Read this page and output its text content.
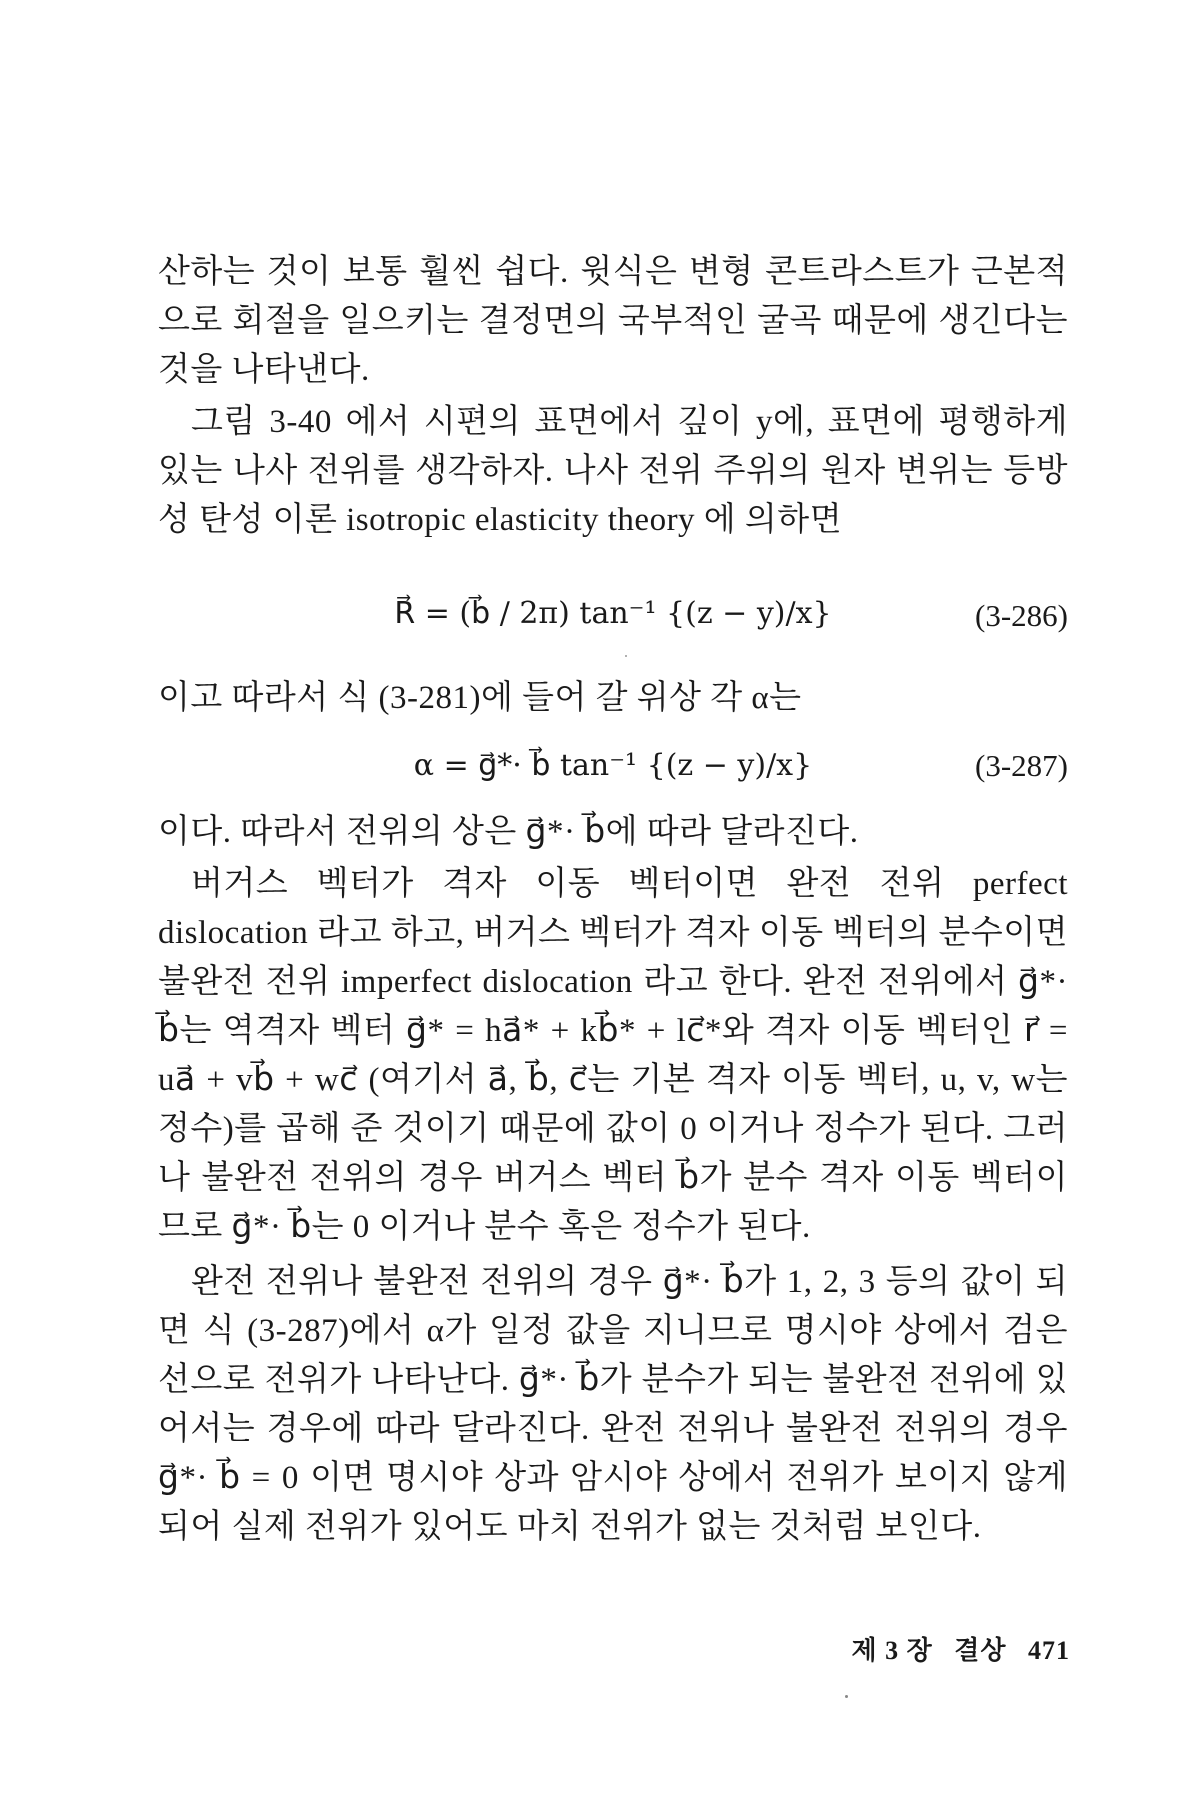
산하는 것이 보통 훨씬 쉽다. 윗식은 변형 콘트라스트가 근본적으로 회절을 일으키는 결정면의 국부적인 굴곡 때문에 생긴다는 것을 나타낸다.

그림 3-40 에서 시편의 표면에서 깊이 y에, 표면에 평행하게 있는 나사 전위를 생각하자. 나사 전위 주위의 원자 변위는 등방성 탄성 이론 isotropic elasticity theory 에 의하면

R⃗ = (b⃗ / 2π) tan⁻¹ {(z − y)/x}	(3-286)

이고 따라서 식 (3-281)에 들어 갈 위상 각 α는

α = g⃗*· b⃗ tan⁻¹ {(z − y)/x}	(3-287)

이다. 따라서 전위의 상은 g⃗*· b⃗에 따라 달라진다.

버거스 벡터가 격자 이동 벡터이면 완전 전위 perfect dislocation 라고 하고, 버거스 벡터가 격자 이동 벡터의 분수이면 불완전 전위 imperfect dislocation 라고 한다. 완전 전위에서 g⃗*· b⃗는 역격자 벡터 g⃗* = ha⃗* + kb⃗* + lc⃗*와 격자 이동 벡터인 r⃗ = ua⃗ + vb⃗ + wc⃗ (여기서 a⃗, b⃗, c⃗는 기본 격자 이동 벡터, u, v, w는 정수)를 곱해 준 것이기 때문에 값이 0 이거나 정수가 된다. 그러나 불완전 전위의 경우 버거스 벡터 b⃗가 분수 격자 이동 벡터이므로 g⃗*· b⃗는 0 이거나 분수 혹은 정수가 된다.

완전 전위나 불완전 전위의 경우 g⃗*· b⃗가 1, 2, 3 등의 값이 되면 식 (3-287)에서 α가 일정 값을 지니므로 명시야 상에서 검은 선으로 전위가 나타난다. g⃗*· b⃗가 분수가 되는 불완전 전위에 있어서는 경우에 따라 달라진다. 완전 전위나 불완전 전위의 경우 g⃗*· b⃗ = 0 이면 명시야 상과 암시야 상에서 전위가 보이지 않게 되어 실제 전위가 있어도 마치 전위가 없는 것처럼 보인다.

제 3 장 결상 471
